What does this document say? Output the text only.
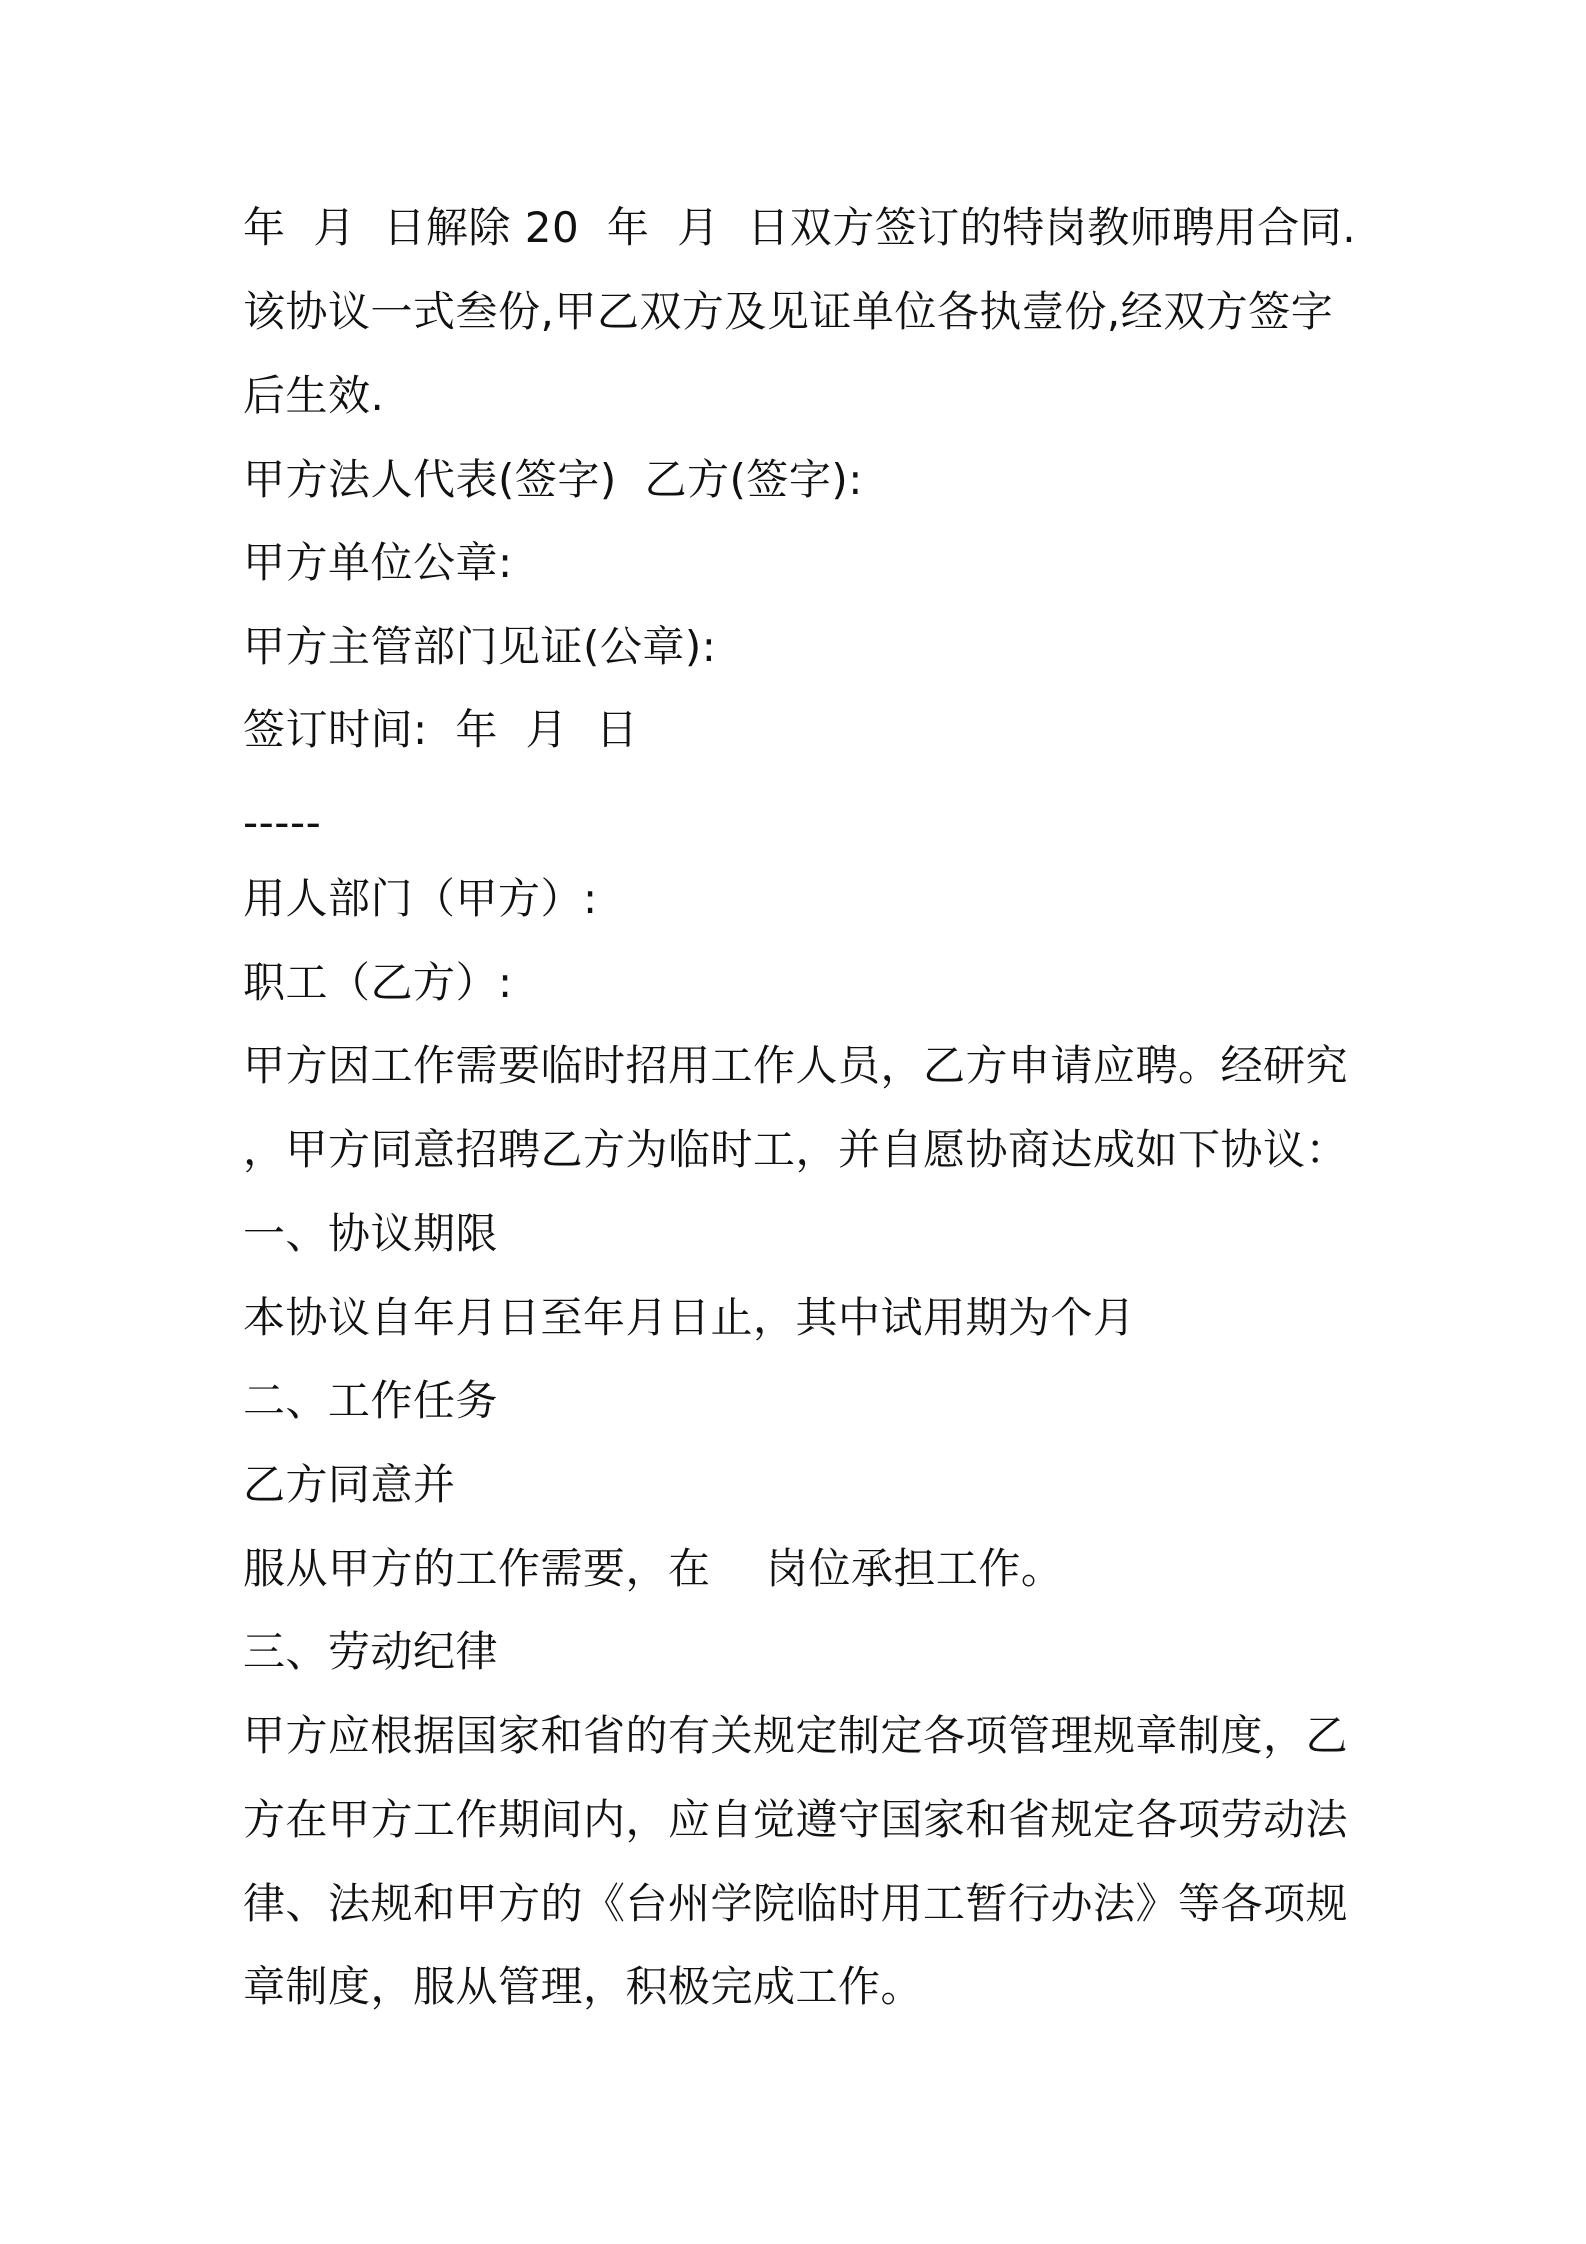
年  月  日解除 20  年  月  日双方签订的特岗教师聘用合同.
该协议一式叁份,甲乙双方及见证单位各执壹份,经双方签字
后生效.
甲方法人代表(签字)  乙方(签字):
甲方单位公章:
甲方主管部门见证(公章):
签订时间:  年  月  日
-----
用人部门（甲方）:
职工（乙方）:
甲方因工作需要临时招用工作人员，乙方申请应聘。经研究
，甲方同意招聘乙方为临时工，并自愿协商达成如下协议：
一、协议期限
本协议自年月日至年月日止，其中试用期为个月
二、工作任务
乙方同意并
服从甲方的工作需要，在    岗位承担工作。
三、劳动纪律
甲方应根据国家和省的有关规定制定各项管理规章制度，乙
方在甲方工作期间内，应自觉遵守国家和省规定各项劳动法
律、法规和甲方的《台州学院临时用工暂行办法》等各项规
章制度，服从管理，积极完成工作。
